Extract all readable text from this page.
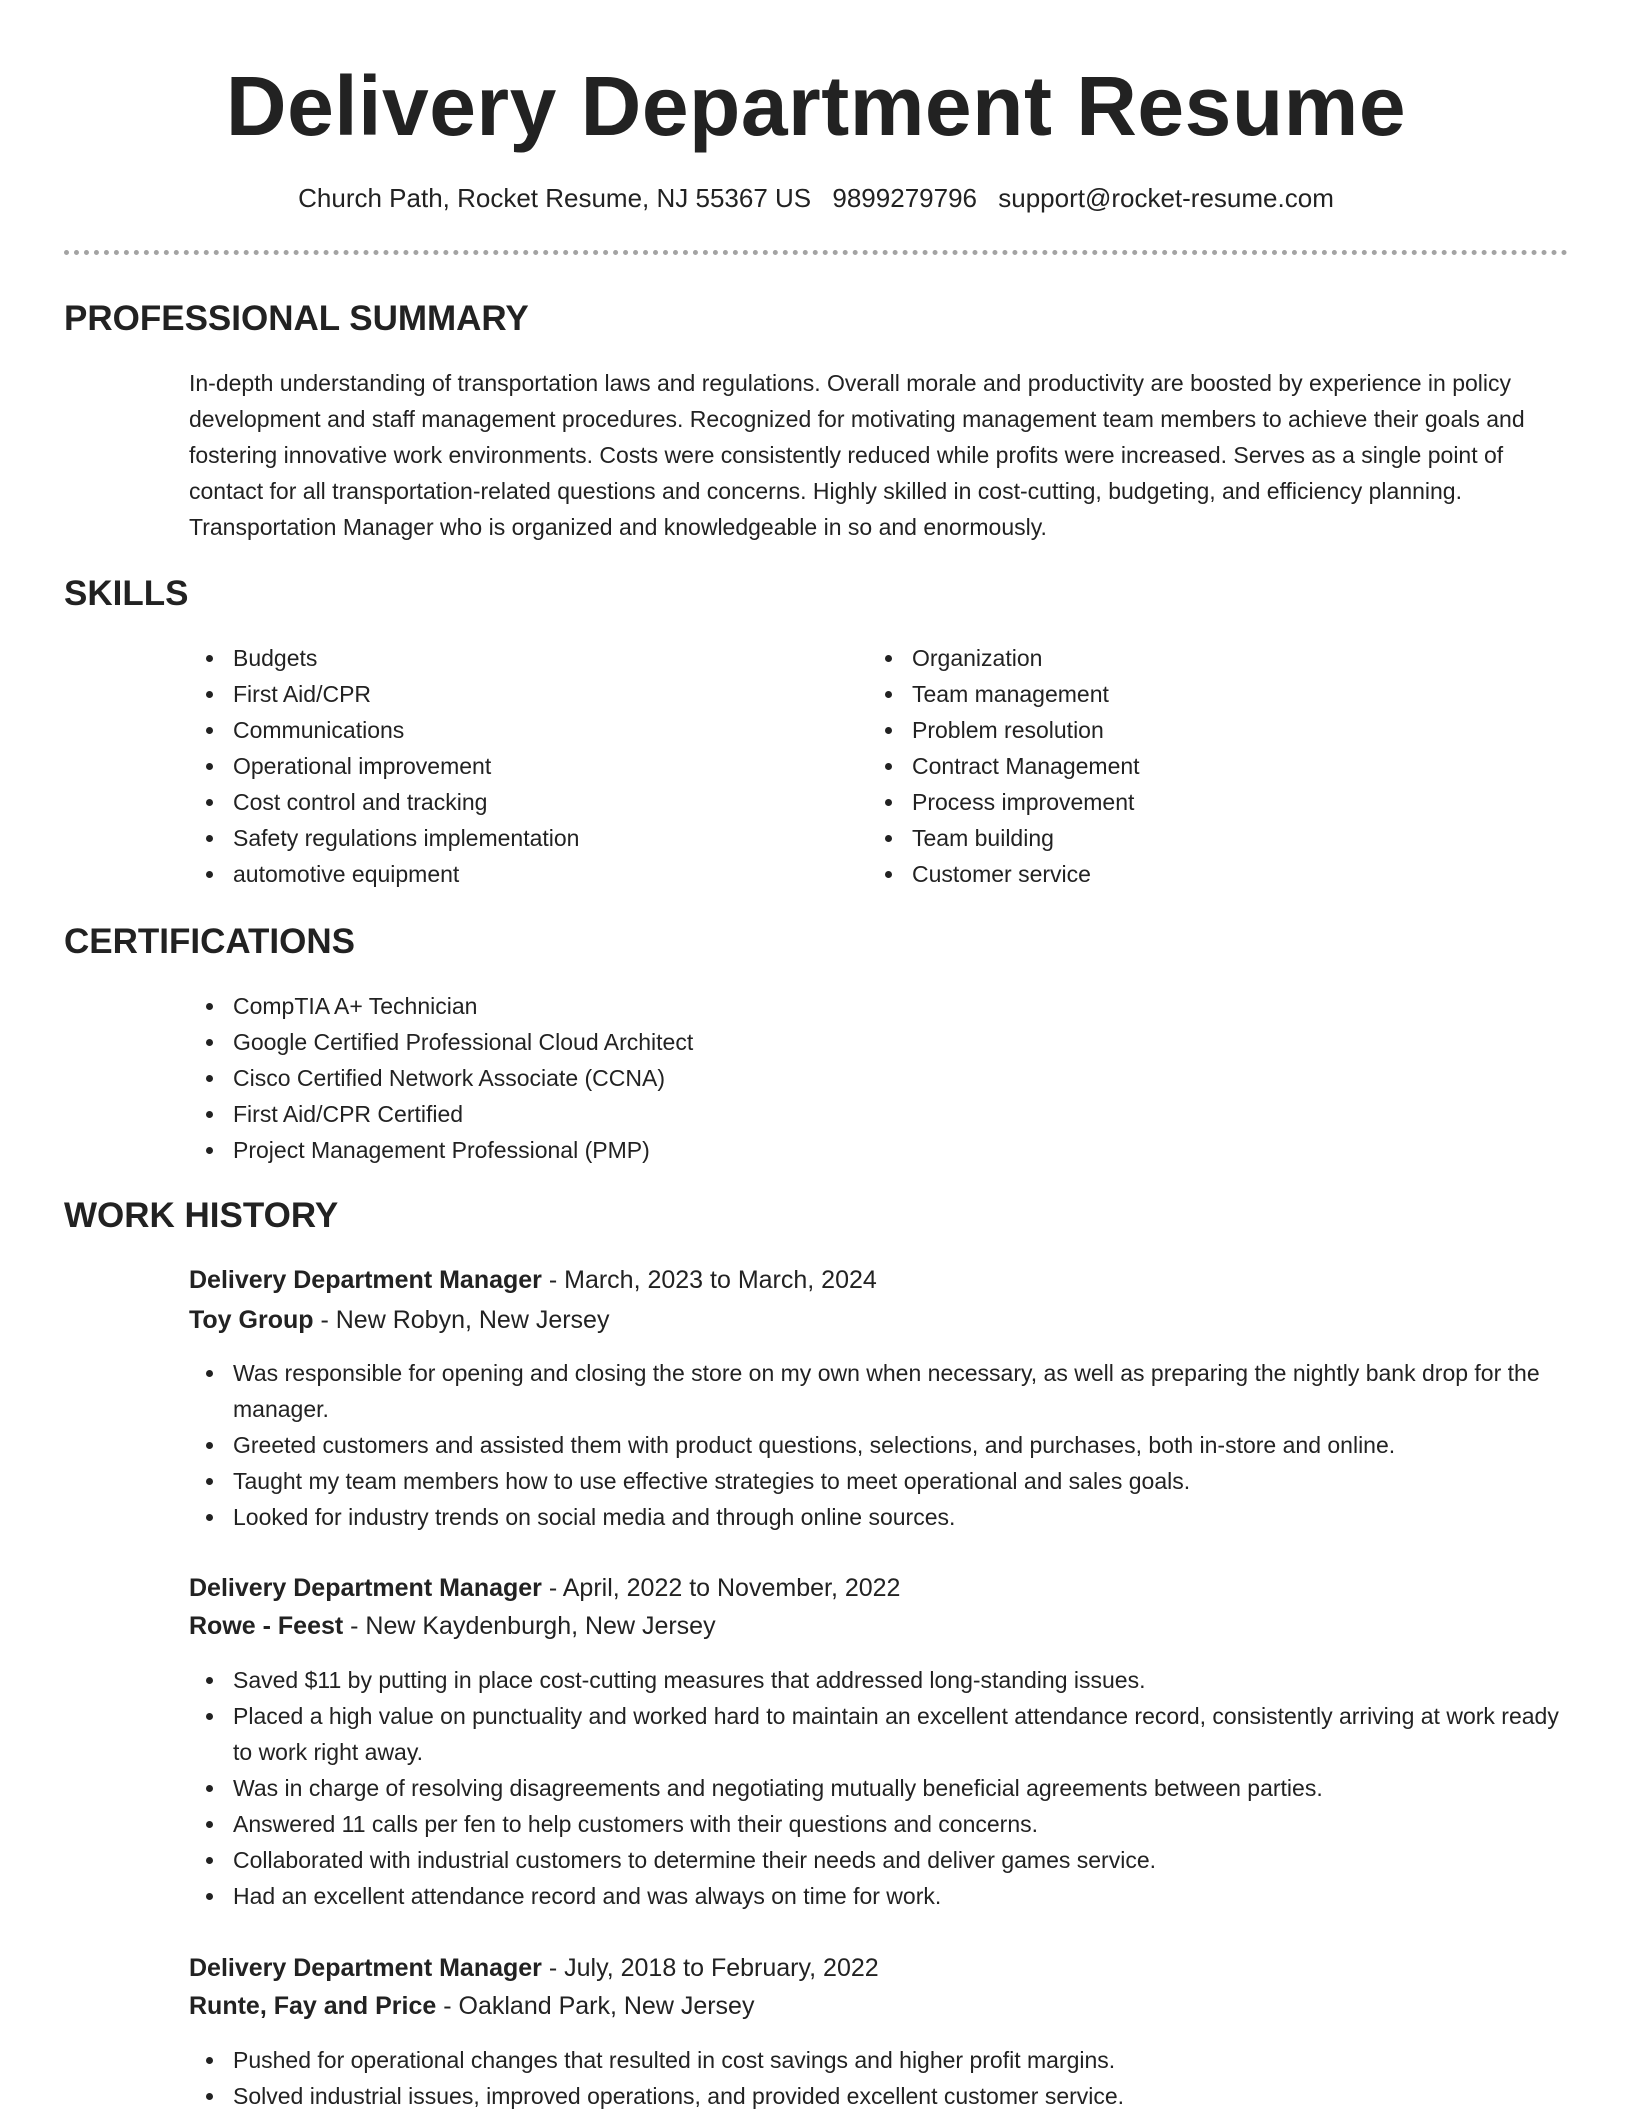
Delivery Department Resume
Church Path, Rocket Resume, NJ 55367 US 9899279796 support@rocket-resume.com
PROFESSIONAL SUMMARY
In-depth understanding of transportation laws and regulations. Overall morale and productivity are boosted by experience in policy development and staff management procedures. Recognized for motivating management team members to achieve their goals and fostering innovative work environments. Costs were consistently reduced while profits were increased. Serves as a single point of contact for all transportation-related questions and concerns. Highly skilled in cost-cutting, budgeting, and efficiency planning. Transportation Manager who is organized and knowledgeable in so and enormously.
SKILLS
Budgets
First Aid/CPR
Communications
Operational improvement
Cost control and tracking
Safety regulations implementation
automotive equipment
Organization
Team management
Problem resolution
Contract Management
Process improvement
Team building
Customer service
CERTIFICATIONS
CompTIA A+ Technician
Google Certified Professional Cloud Architect
Cisco Certified Network Associate (CCNA)
First Aid/CPR Certified
Project Management Professional (PMP)
WORK HISTORY
Delivery Department Manager - March, 2023 to March, 2024
Toy Group - New Robyn, New Jersey
Was responsible for opening and closing the store on my own when necessary, as well as preparing the nightly bank drop for the manager.
Greeted customers and assisted them with product questions, selections, and purchases, both in-store and online.
Taught my team members how to use effective strategies to meet operational and sales goals.
Looked for industry trends on social media and through online sources.
Delivery Department Manager - April, 2022 to November, 2022
Rowe - Feest - New Kaydenburgh, New Jersey
Saved $11 by putting in place cost-cutting measures that addressed long-standing issues.
Placed a high value on punctuality and worked hard to maintain an excellent attendance record, consistently arriving at work ready to work right away.
Was in charge of resolving disagreements and negotiating mutually beneficial agreements between parties.
Answered 11 calls per fen to help customers with their questions and concerns.
Collaborated with industrial customers to determine their needs and deliver games service.
Had an excellent attendance record and was always on time for work.
Delivery Department Manager - July, 2018 to February, 2022
Runte, Fay and Price - Oakland Park, New Jersey
Pushed for operational changes that resulted in cost savings and higher profit margins.
Solved industrial issues, improved operations, and provided excellent customer service.
